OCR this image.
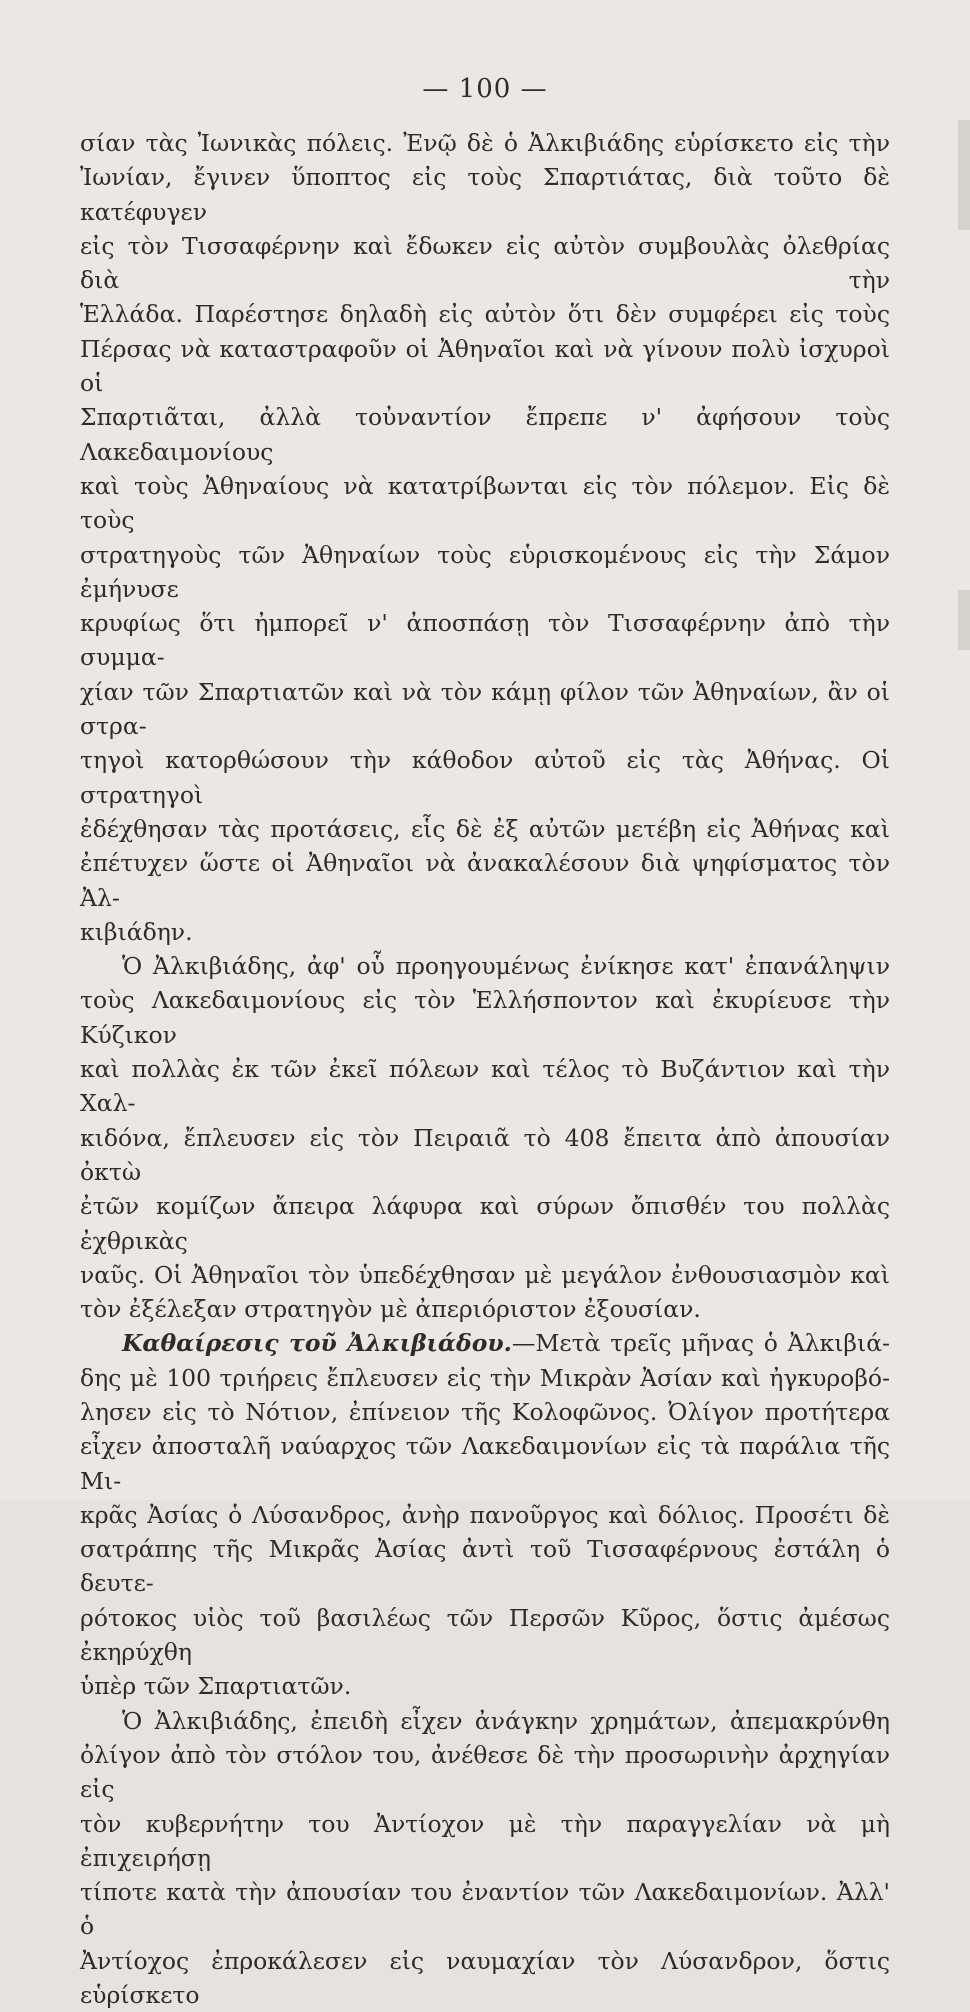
— 100 —

σίαν τὰς Ἰωνικὰς πόλεις. Ἐνῷ δὲ ὁ Ἀλκιβιάδης εὑρίσκετο εἰς τὴν

Ἰωνίαν, ἔγινεν ὕποπτος εἰς τοὺς Σπαρτιάτας, διὰ τοῦτο δὲ κατέφυγεν

εἰς τὸν Τισσαφέρνην καὶ ἔδωκεν εἰς αὐτὸν συμβουλὰς ὀλεθρίας διὰ τὴν

Ἑλλάδα. Παρέστησε δηλαδὴ εἰς αὐτὸν ὅτι δὲν συμφέρει εἰς τοὺς

Πέρσας νὰ καταστραφοῦν οἱ Ἀθηναῖοι καὶ νὰ γίνουν πολὺ ἰσχυροὶ οἱ

Σπαρτιᾶται, ἀλλὰ τοὐναντίον ἔπρεπε ν' ἀφήσουν τοὺς Λακεδαιμονίους

καὶ τοὺς Ἀθηναίους νὰ κατατρίβωνται εἰς τὸν πόλεμον. Εἰς δὲ τοὺς

στρατηγοὺς τῶν Ἀθηναίων τοὺς εὑρισκομένους εἰς τὴν Σάμον ἐμήνυσε

κρυφίως ὅτι ἠμπορεῖ ν' ἀποσπάσῃ τὸν Τισσαφέρνην ἀπὸ τὴν συμμα-

χίαν τῶν Σπαρτιατῶν καὶ νὰ τὸν κάμῃ φίλον τῶν Ἀθηναίων, ἂν οἱ στρα-

τηγοὶ κατορθώσουν τὴν κάθοδον αὐτοῦ εἰς τὰς Ἀθήνας. Οἱ στρατηγοὶ

ἐδέχθησαν τὰς προτάσεις, εἷς δὲ ἐξ αὐτῶν μετέβη εἰς Ἀθήνας καὶ

ἐπέτυχεν ὥστε οἱ Ἀθηναῖοι νὰ ἀνακαλέσουν διὰ ψηφίσματος τὸν Ἀλ-

κιβιάδην.

Ὁ Ἀλκιβιάδης, ἀφ' οὗ προηγουμένως ἐνίκησε κατ' ἐπανάληψιν

τοὺς Λακεδαιμονίους εἰς τὸν Ἑλλήσποντον καὶ ἐκυρίευσε τὴν Κύζικον

καὶ πολλὰς ἐκ τῶν ἐκεῖ πόλεων καὶ τέλος τὸ Βυζάντιον καὶ τὴν Χαλ-

κιδόνα, ἔπλευσεν εἰς τὸν Πειραιᾶ τὸ 408 ἔπειτα ἀπὸ ἀπουσίαν ὀκτὼ

ἐτῶν κομίζων ἄπειρα λάφυρα καὶ σύρων ὄπισθέν του πολλὰς ἐχθρικὰς

ναῦς. Οἱ Ἀθηναῖοι τὸν ὑπεδέχθησαν μὲ μεγάλον ἐνθουσιασμὸν καὶ

τὸν ἐξέλεξαν στρατηγὸν μὲ ἀπεριόριστον ἐξουσίαν.

Καθαίρεσις τοῦ Ἀλκιβιάδου.—Μετὰ τρεῖς μῆνας ὁ Ἀλκιβιά-

δης μὲ 100 τριήρεις ἔπλευσεν εἰς τὴν Μικρὰν Ἀσίαν καὶ ἠγκυροβό-

λησεν εἰς τὸ Νότιον, ἐπίνειον τῆς Κολοφῶνος. Ὀλίγον προτήτερα

εἶχεν ἀποσταλῆ ναύαρχος τῶν Λακεδαιμονίων εἰς τὰ παράλια τῆς Μι-

κρᾶς Ἀσίας ὁ Λύσανδρος, ἀνὴρ πανοῦργος καὶ δόλιος. Προσέτι δὲ

σατράπης τῆς Μικρᾶς Ἀσίας ἀντὶ τοῦ Τισσαφέρνους ἐστάλη ὁ δευτε-

ρότοκος υἱὸς τοῦ βασιλέως τῶν Περσῶν Κῦρος, ὅστις ἀμέσως ἐκηρύχθη

ὑπὲρ τῶν Σπαρτιατῶν.

Ὁ Ἀλκιβιάδης, ἐπειδὴ εἶχεν ἀνάγκην χρημάτων, ἀπεμακρύνθη

ὀλίγον ἀπὸ τὸν στόλον του, ἀνέθεσε δὲ τὴν προσωρινὴν ἀρχηγίαν εἰς

τὸν κυβερνήτην του Ἀντίοχον μὲ τὴν παραγγελίαν νὰ μὴ ἐπιχειρήσῃ

τίποτε κατὰ τὴν ἀπουσίαν του ἐναντίον τῶν Λακεδαιμονίων. Ἀλλ' ὁ

Ἀντίοχος ἐπροκάλεσεν εἰς ναυμαχίαν τὸν Λύσανδρον, ὅστις εὑρίσκετο
